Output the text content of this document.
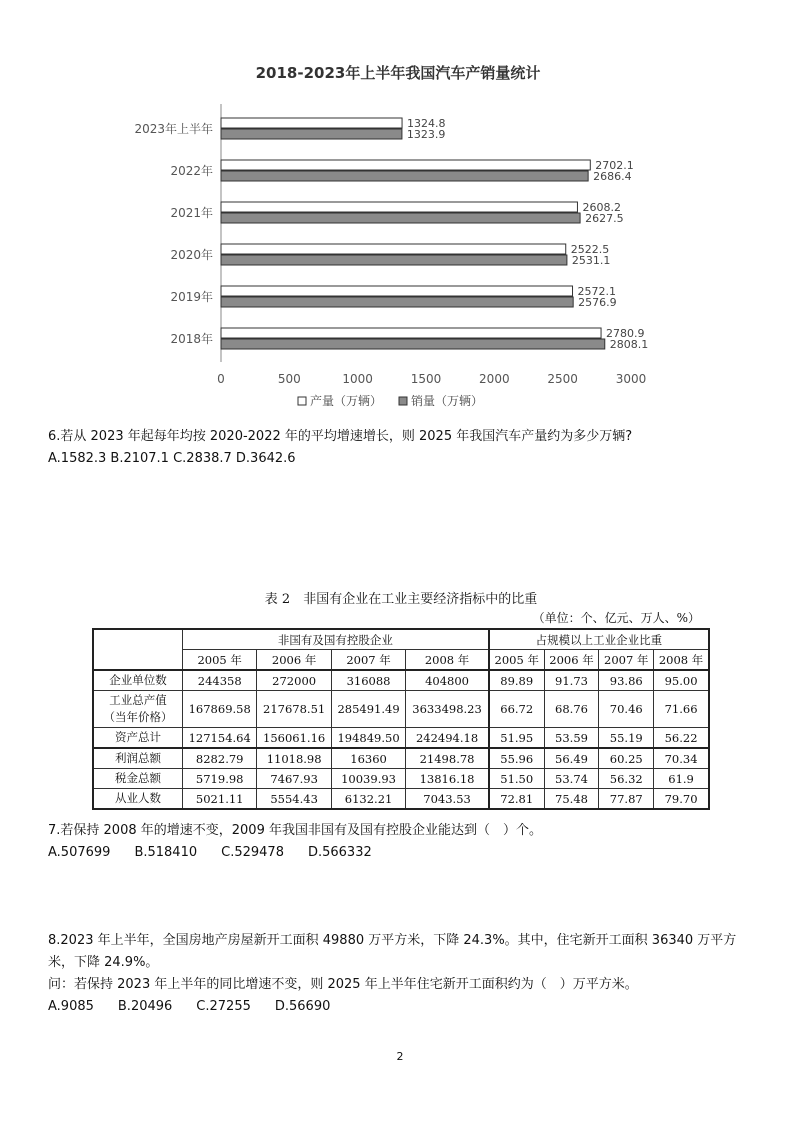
2018-2023年上半年我国汽车产销量统计
2023年上半年	1324.8
1323.9
2022年	2702.1
2686.4
2021年	2608.2
2627.5
2020年	2522.5
2531.1
2019年	2572.1
2576.9
2018年	2780.9
2808.1
0	500	1000	1500	2000	2500	3000
产量（万辆） 销量（万辆）

6.若从 2023 年起每年均按 2020-2022 年的平均增速增长，则 2025 年我国汽车产量约为多少万辆?

A.1582.3 B.2107.1 C.2838.7 D.3642.6

表 2　非国有企业在工业主要经济指标中的比重
（单位：个、亿元、万人、%）
	非国有及国有控股企业				占规模以上工业企业比重			
	2005 年	2006 年	2007 年	2008 年	2005 年	2006 年	2007 年	2008 年
企业单位数	244358	272000	316088	404800	89.89	91.73	93.86	95.00
工业总产值
（当年价格）	167869.58	217678.51	285491.49	3633498.23	66.72	68.76	70.46	71.66
资产总计	127154.64	156061.16	194849.50	242494.18	51.95	53.59	55.19	56.22
利润总额	8282.79	11018.98	16360	21498.78	55.96	56.49	60.25	70.34
税金总额	5719.98	7467.93	10039.93	13816.18	51.50	53.74	56.32	61.9
从业人数	5021.11	5554.43	6132.21	7043.53	72.81	75.48	77.87	79.70

7.若保持 2008 年的增速不变，2009 年我国非国有及国有控股企业能达到（　）个。

A.507699 B.518410 C.529478 D.566332

8.2023 年上半年，全国房地产房屋新开工面积 49880 万平方米，下降 24.3%。其中，住宅新开工面积 36340 万平方

米，下降 24.9%。

问：若保持 2023 年上半年的同比增速不变，则 2025 年上半年住宅新开工面积约为（　）万平方米。

A.9085 B.20496 C.27255 D.56690

2
